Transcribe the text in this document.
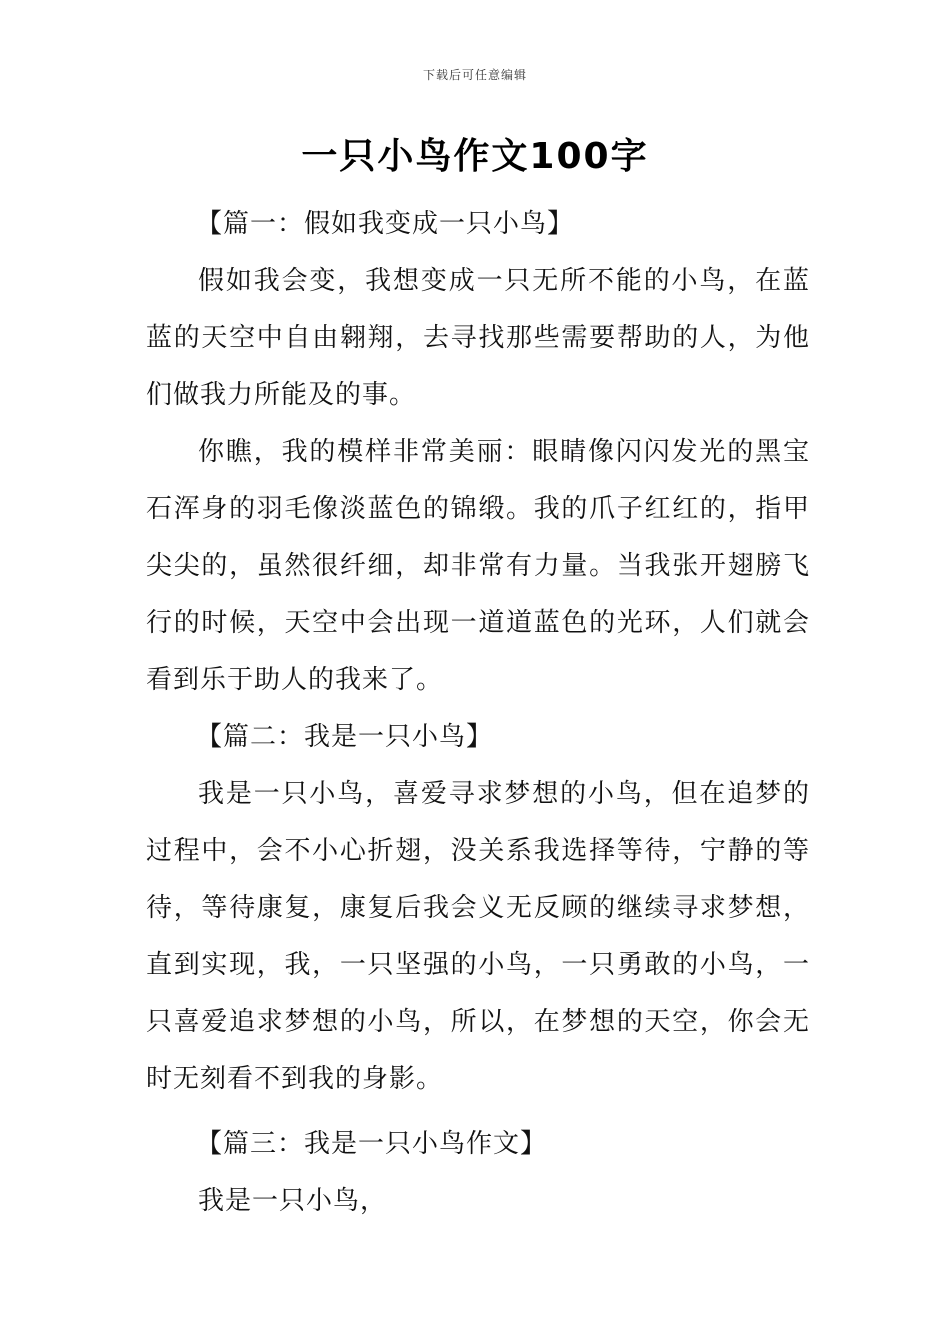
下载后可任意编辑
一只小鸟作文100字

【篇一：假如我变成一只小鸟】

假如我会变，我想变成一只无所不能的小鸟，在蓝蓝的天空中自由翱翔，去寻找那些需要帮助的人，为他们做我力所能及的事。

你瞧，我的模样非常美丽：眼睛像闪闪发光的黑宝石浑身的羽毛像淡蓝色的锦缎。我的爪子红红的，指甲尖尖的，虽然很纤细，却非常有力量。当我张开翅膀飞行的时候，天空中会出现一道道蓝色的光环，人们就会看到乐于助人的我来了。

【篇二：我是一只小鸟】

我是一只小鸟，喜爱寻求梦想的小鸟，但在追梦的过程中，会不小心折翅，没关系我选择等待，宁静的等待，等待康复，康复后我会义无反顾的继续寻求梦想，直到实现，我，一只坚强的小鸟，一只勇敢的小鸟，一只喜爱追求梦想的小鸟，所以，在梦想的天空，你会无时无刻看不到我的身影。

【篇三：我是一只小鸟作文】

我是一只小鸟，
